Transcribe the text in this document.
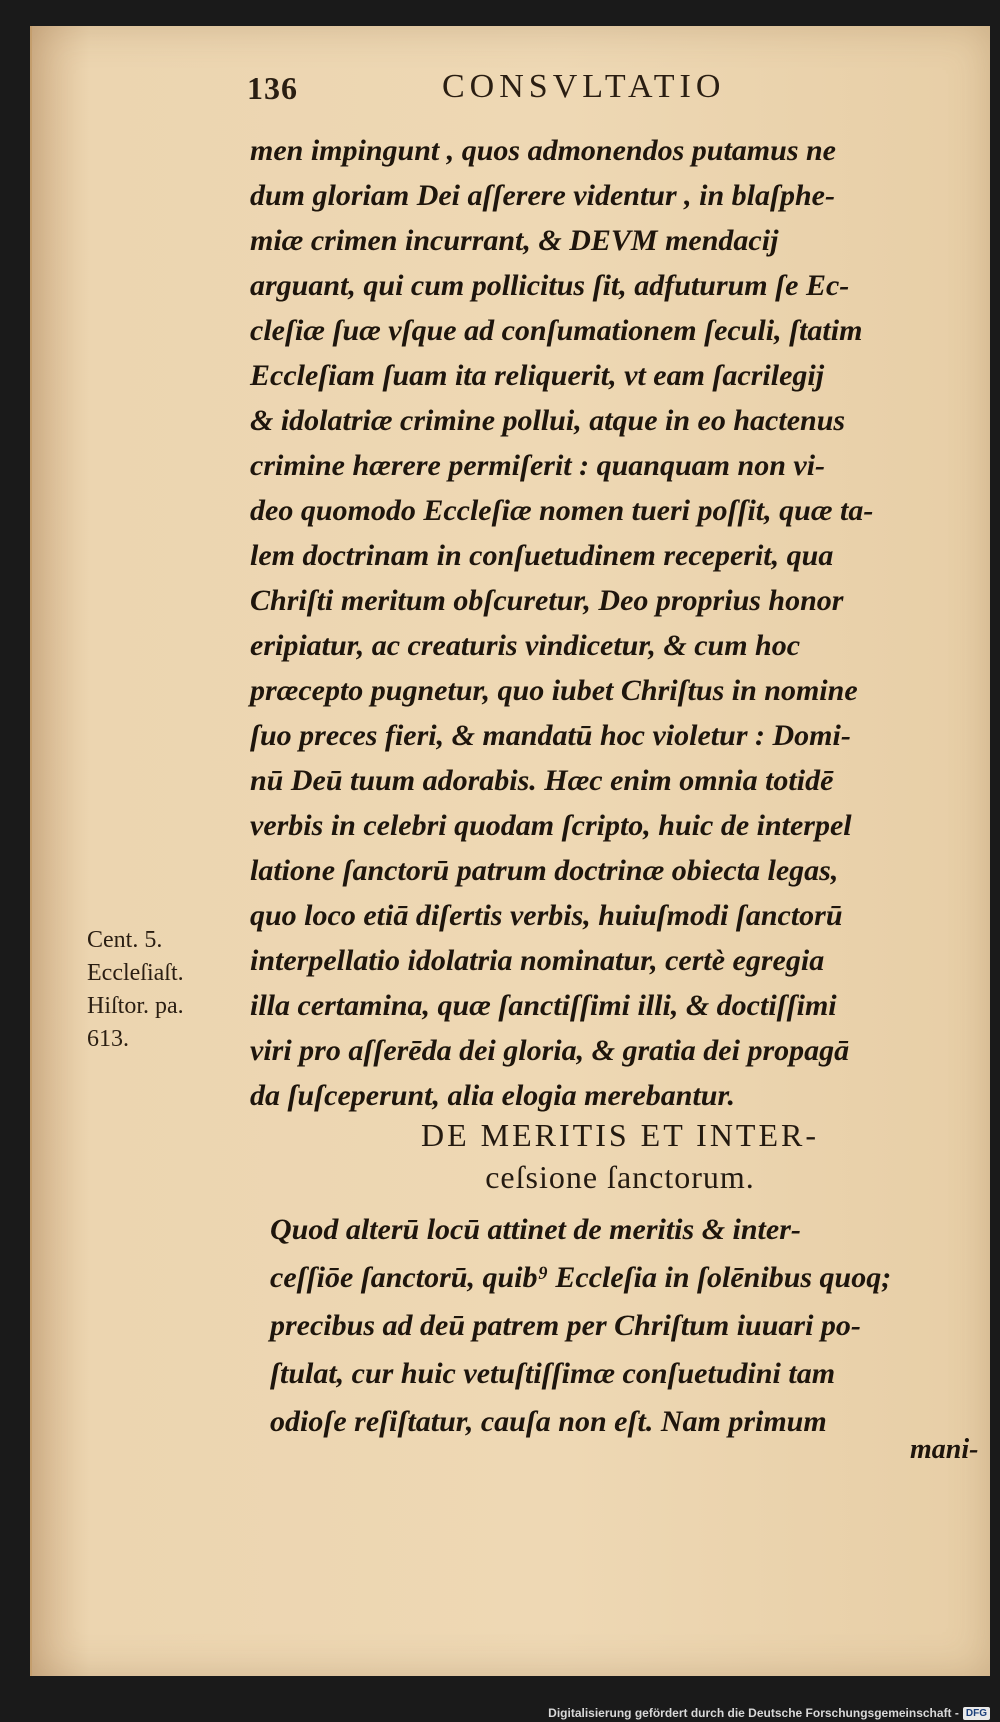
136	CONSVLTATIO
men impingunt , quos admonendos putamus ne
dum gloriam Dei aſſerere videntur , in blaſphe-
miæ crimen incurrant, & DEVM mendacij
arguant, qui cum pollicitus ſit, adfuturum ſe Ec-
cleſiæ ſuæ vſque ad conſumationem ſeculi, ſtatim
Eccleſiam ſuam ita reliquerit, vt eam ſacrilegij
& idolatriæ crimine pollui, atque in eo hactenus
crimine hærere permiſerit : quanquam non vi-
deo quomodo Eccleſiæ nomen tueri poſſit, quæ ta-
lem doctrinam in conſuetudinem receperit, qua
Chriſti meritum obſcuretur, Deo proprius honor
eripiatur, ac creaturis vindicetur, & cum hoc
præcepto pugnetur, quo iubet Chriſtus in nomine
ſuo preces fieri, & mandatū hoc violetur : Domi-
nū Deū tuum adorabis. Hæc enim omnia totidē
verbis in celebri quodam ſcripto, huic de interpel
latione ſanctorū patrum doctrinæ obiecta legas,
quo loco etiā diſertis verbis, huiuſmodi ſanctorū
interpellatio idolatria nominatur, certè egregia
illa certamina, quæ ſanctiſſimi illi, & doctiſſimi
viri pro aſſerēda dei gloria, & gratia dei propagā
da ſuſceperunt, alia elogia merebantur.
Cent. 5.
Eccleſiaſt.
Hiſtor. pa.
613.
DE MERITIS ET INTER-
ceſsione ſanctorum.
Quod alterū locū attinet de meritis & inter-
ceſſiōe ſanctorū, quib⁹ Eccleſia in ſolēnibus quoq;
precibus ad deū patrem per Chriſtum iuuari po-
ſtulat, cur huic vetuſtiſſimæ conſuetudini tam
odioſe reſiſtatur, cauſa non eſt. Nam primum
mani-
Digitalisierung gefördert durch die Deutsche Forschungsgemeinschaft - DFG
